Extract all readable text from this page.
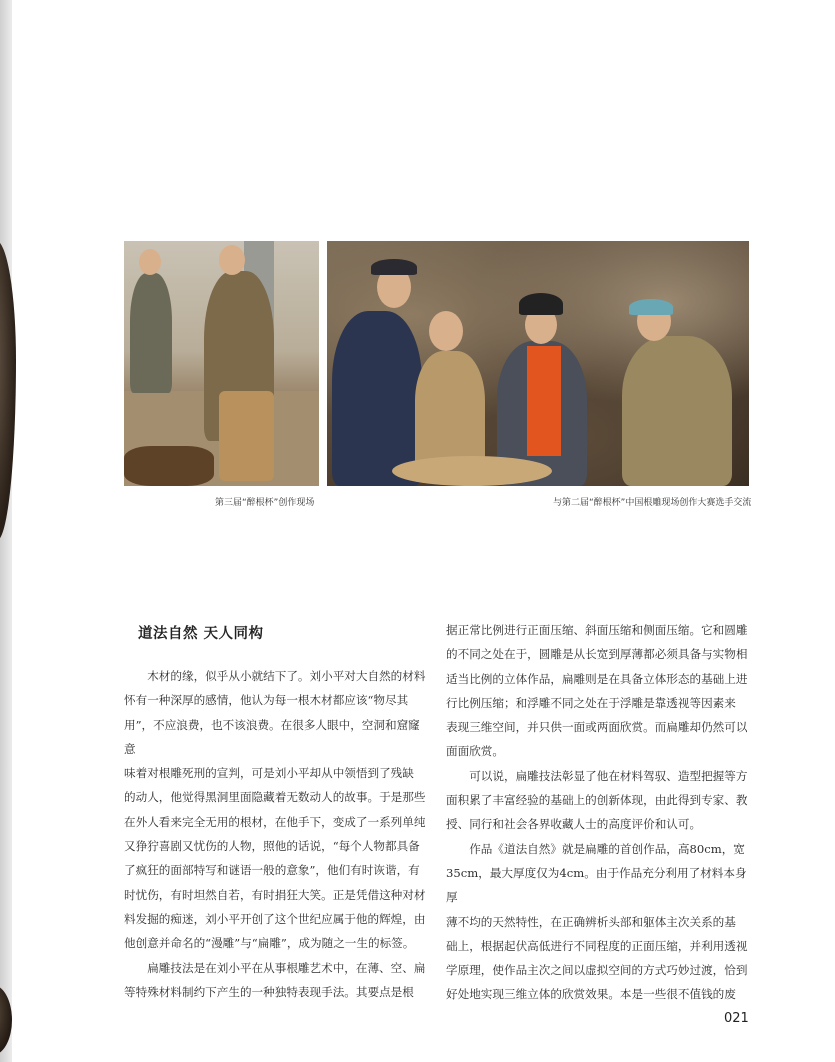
第三届“醉根杯”创作现场	与第二届“醉根杯”中国根雕现场创作大赛选手交流
道法自然 天人同构

　　木材的缘，似乎从小就结下了。刘小平对大自然的材料

怀有一种深厚的感情，他认为每一根木材都应该“物尽其

用”，不应浪费，也不该浪费。在很多人眼中，空洞和窟窿意

味着对根雕死刑的宣判，可是刘小平却从中领悟到了残缺

的动人，他觉得黑洞里面隐藏着无数动人的故事。于是那些

在外人看来完全无用的根材，在他手下，变成了一系列单纯

又狰狞喜剧又忧伤的人物，照他的话说，“每个人物都具备

了疯狂的面部特写和谜语一般的意象”，他们有时诙谐，有

时忧伤，有时坦然自若，有时捐狂大笑。正是凭借这种对材

料发掘的痴迷，刘小平开创了这个世纪应属于他的辉煌，由

他创意并命名的“漫雕”与“扁雕”，成为随之一生的标签。

　　扁雕技法是在刘小平在从事根雕艺术中，在薄、空、扁

等特殊材料制约下产生的一种独特表现手法。其要点是根

据正常比例进行正面压缩、斜面压缩和侧面压缩。它和圆雕

的不同之处在于，圆雕是从长宽到厚薄都必须具备与实物相

适当比例的立体作品，扁雕则是在具备立体形态的基础上进

行比例压缩；和浮雕不同之处在于浮雕是靠透视等因素来

表现三维空间，并只供一面或两面欣赏。而扁雕却仍然可以

面面欣赏。

　　可以说，扁雕技法彰显了他在材料驾驭、造型把握等方

面积累了丰富经验的基础上的创新体现，由此得到专家、教

授、同行和社会各界收藏人士的高度评价和认可。

　　作品《道法自然》就是扁雕的首创作品，高80cm，宽

35cm，最大厚度仅为4cm。由于作品充分利用了材料本身厚

薄不均的天然特性，在正确辨析头部和躯体主次关系的基

础上，根据起伏高低进行不同程度的正面压缩，并利用透视

学原理，使作品主次之间以虚拟空间的方式巧妙过渡，恰到

好处地实现三维立体的欣赏效果。本是一些很不值钱的废

021
